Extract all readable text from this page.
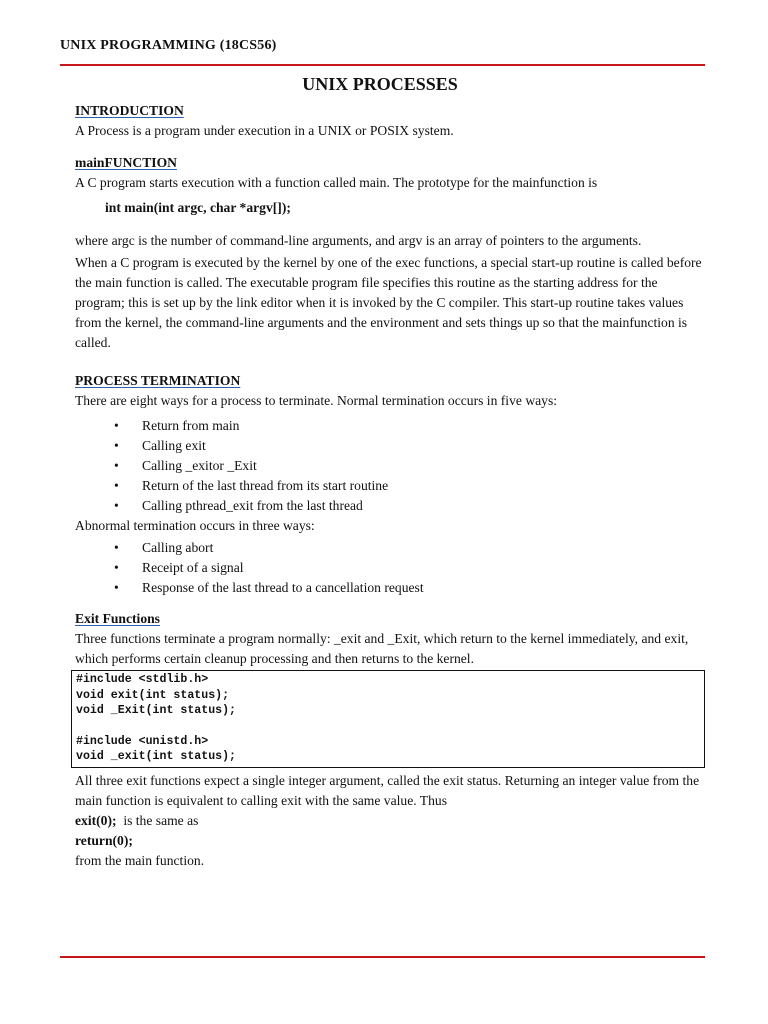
UNIX PROGRAMMING (18CS56)
UNIX PROCESSES

INTRODUCTION

A Process is a program under execution in a UNIX or POSIX system.

mainFUNCTION

A C program starts execution with a function called main. The prototype for the mainfunction is

int main(int argc, char *argv[]);

where argc is the number of command-line arguments, and argv is an array of pointers to the arguments.

When a C program is executed by the kernel by one of the exec functions, a special start-up routine is called before the main function is called. The executable program file specifies this routine as the starting address for the program; this is set up by the link editor when it is invoked by the C compiler. This start-up routine takes values from the kernel, the command-line arguments and the environment and sets things up so that the mainfunction is called.

PROCESS TERMINATION

There are eight ways for a process to terminate. Normal termination occurs in five ways:

• Return from main
• Calling exit
• Calling _exitor _Exit
• Return of the last thread from its start routine
• Calling pthread_exit from the last thread

Abnormal termination occurs in three ways:

• Calling abort
• Receipt of a signal
• Response of the last thread to a cancellation request

Exit Functions

Three functions terminate a program normally: _exit and _Exit, which return to the kernel immediately, and exit, which performs certain cleanup processing and then returns to the kernel.

#include <stdlib.h>
void exit(int status);
void _Exit(int status);
#include <unistd.h>
void _exit(int status);

All three exit functions expect a single integer argument, called the exit status. Returning an integer value from the

main function is equivalent to calling exit with the same value. Thus

exit(0);  is the same as

return(0);

from the main function.
